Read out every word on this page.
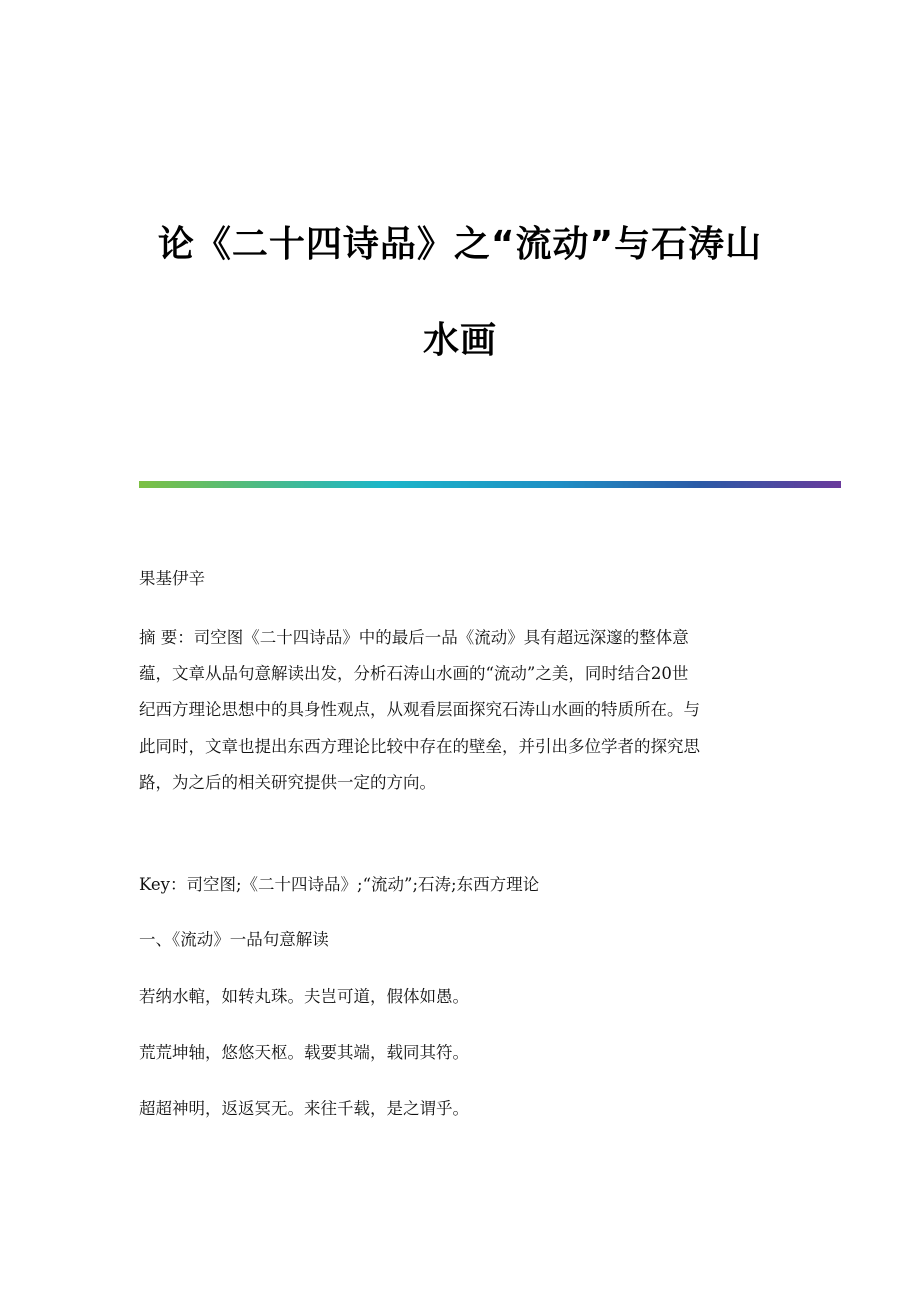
论《二十四诗品》之“流动”与石涛山
水画
果基伊辛
摘 要：司空图《二十四诗品》中的最后一品《流动》具有超远深邃的整体意
蕴，文章从品句意解读出发，分析石涛山水画的“流动”之美，同时结合20世
纪西方理论思想中的具身性观点，从观看层面探究石涛山水画的特质所在。与
此同时，文章也提出东西方理论比较中存在的壁垒，并引出多位学者的探究思
路，为之后的相关研究提供一定的方向。
Key：司空图;《二十四诗品》;“流动”;石涛;东西方理论
一、《流动》一品句意解读
若纳水輨，如转丸珠。夫岂可道，假体如愚。
荒荒坤轴，悠悠天枢。载要其端，载同其符。
超超神明，返返冥无。来往千载，是之谓乎。
